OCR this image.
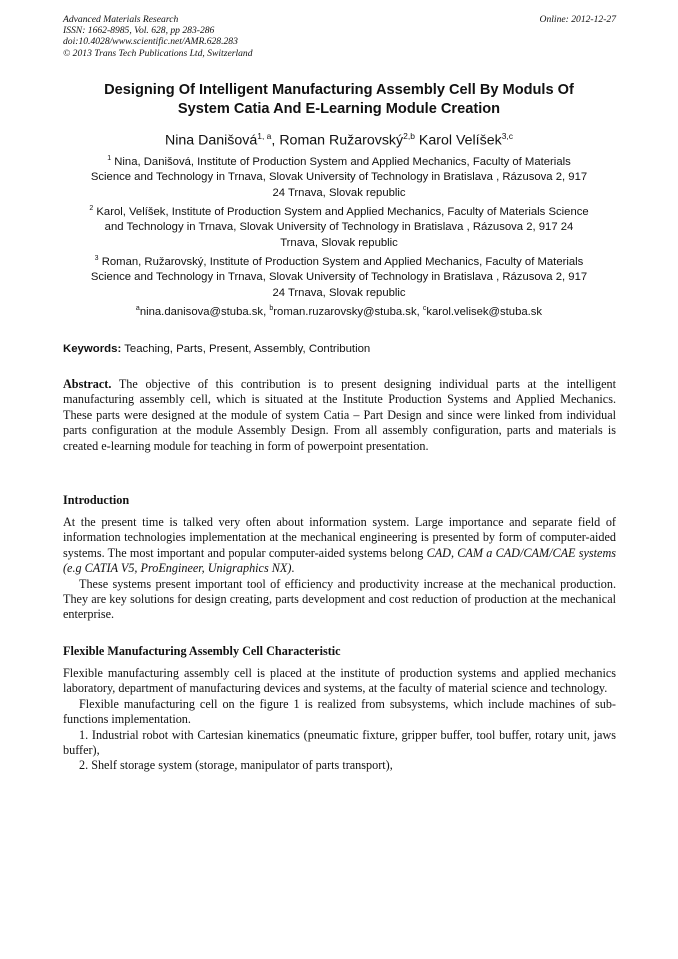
Advanced Materials Research
ISSN: 1662-8985, Vol. 628, pp 283-286
doi:10.4028/www.scientific.net/AMR.628.283
© 2013 Trans Tech Publications Ltd, Switzerland
Online: 2012-12-27
Designing Of Intelligent Manufacturing Assembly Cell By Moduls Of
System Catia And E-Learning Module Creation
Nina Danišová$^{1, a}$, Roman Ružarovský$^{2,b}$ Karol Velíšek$^{3,c}$
$^1$ Nina, Danišová, Institute of Production System and Applied Mechanics, Faculty of Materials
Science and Technology in Trnava, Slovak University of Technology in Bratislava , Rázusova 2, 917
24 Trnava, Slovak republic
$^2$ Karol, Velíšek, Institute of Production System and Applied Mechanics, Faculty of Materials Science
and Technology in Trnava, Slovak University of Technology in Bratislava , Rázusova 2, 917 24
Trnava, Slovak republic
$^3$ Roman, Ružarovský, Institute of Production System and Applied Mechanics, Faculty of Materials
Science and Technology in Trnava, Slovak University of Technology in Bratislava , Rázusova 2, 917
24 Trnava, Slovak republic
$^a$nina.danisova@stuba.sk, $^b$roman.ruzarovsky@stuba.sk, $^c$karol.velisek@stuba.sk
Keywords: Teaching, Parts, Present, Assembly, Contribution

Abstract. The objective of this contribution is to present designing individual parts at the intelligent manufacturing assembly cell, which is situated at the Institute Production Systems and Applied Mechanics. These parts were designed at the module of system Catia – Part Design and since were linked from individual parts configuration at the module Assembly Design. From all assembly configuration, parts and materials is created e-learning module for teaching in form of powerpoint presentation.

Introduction

At the present time is talked very often about information system. Large importance and separate field of information technologies implementation at the mechanical engineering is presented by form of computer-aided systems. The most important and popular computer-aided systems belong CAD, CAM a CAD/CAM/CAE systems (e.g CATIA V5, ProEngineer, Unigraphics NX).

These systems present important tool of efficiency and productivity increase at the mechanical production. They are key solutions for design creating, parts development and cost reduction of production at the mechanical enterprise.

Flexible Manufacturing Assembly Cell Characteristic

Flexible manufacturing assembly cell is placed at the institute of production systems and applied mechanics laboratory, department of manufacturing devices and systems, at the faculty of material science and technology.

Flexible manufacturing cell on the figure 1 is realized from subsystems, which include machines of sub-functions implementation.

1. Industrial robot with Cartesian kinematics (pneumatic fixture, gripper buffer, tool buffer, rotary unit, jaws buffer),

2. Shelf storage system (storage, manipulator of parts transport),
